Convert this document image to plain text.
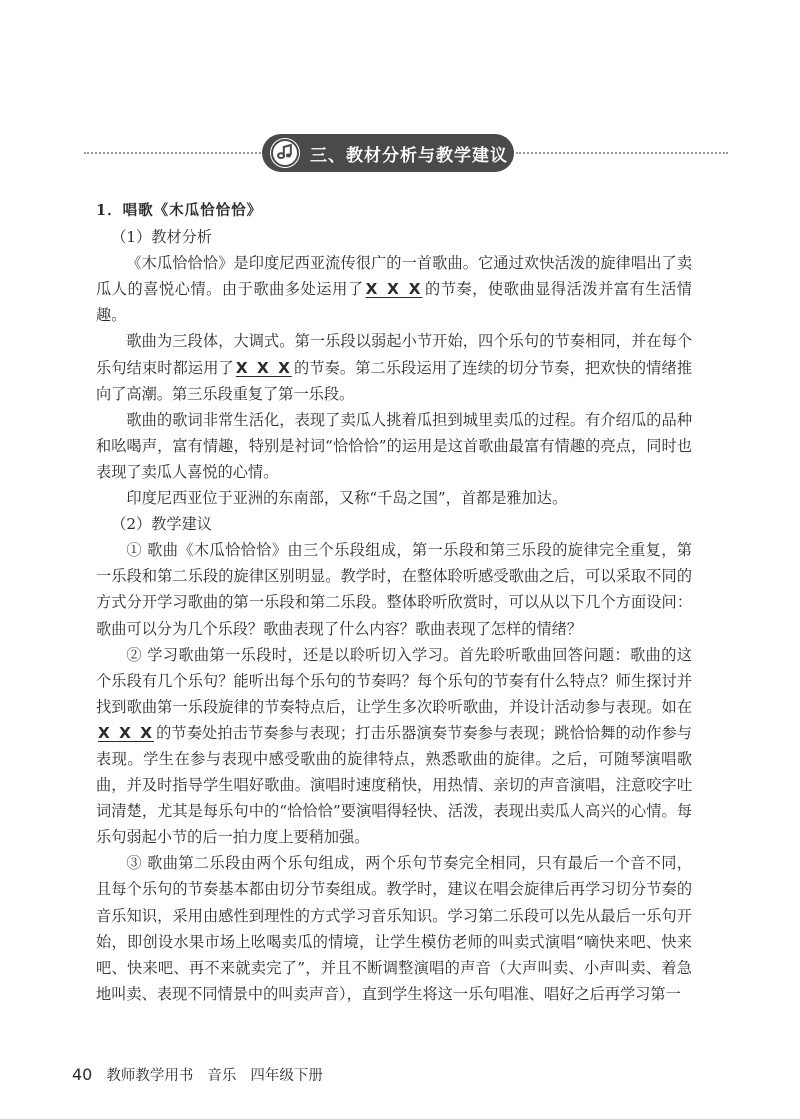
三、教材分析与教学建议

1．唱歌《木瓜恰恰恰》

（1）教材分析

《木瓜恰恰恰》是印度尼西亚流传很广的一首歌曲。它通过欢快活泼的旋律唱出了卖瓜人的喜悦心情。由于歌曲多处运用了 X X X 的节奏，使歌曲显得活泼并富有生活情趣。

歌曲为三段体，大调式。第一乐段以弱起小节开始，四个乐句的节奏相同，并在每个乐句结束时都运用了 X X X 的节奏。第二乐段运用了连续的切分节奏，把欢快的情绪推向了高潮。第三乐段重复了第一乐段。

歌曲的歌词非常生活化，表现了卖瓜人挑着瓜担到城里卖瓜的过程。有介绍瓜的品种和吆喝声，富有情趣，特别是衬词“恰恰恰”的运用是这首歌曲最富有情趣的亮点，同时也表现了卖瓜人喜悦的心情。

印度尼西亚位于亚洲的东南部，又称“千岛之国”，首都是雅加达。

（2）教学建议

① 歌曲《木瓜恰恰恰》由三个乐段组成，第一乐段和第三乐段的旋律完全重复，第一乐段和第二乐段的旋律区别明显。教学时，在整体聆听感受歌曲之后，可以采取不同的方式分开学习歌曲的第一乐段和第二乐段。整体聆听欣赏时，可以从以下几个方面设问：歌曲可以分为几个乐段？歌曲表现了什么内容？歌曲表现了怎样的情绪？

② 学习歌曲第一乐段时，还是以聆听切入学习。首先聆听歌曲回答问题：歌曲的这个乐段有几个乐句？能听出每个乐句的节奏吗？每个乐句的节奏有什么特点？师生探讨并找到歌曲第一乐段旋律的节奏特点后，让学生多次聆听歌曲，并设计活动参与表现。如在X X X 的节奏处拍击节奏参与表现；打击乐器演奏节奏参与表现；跳恰恰舞的动作参与表现。学生在参与表现中感受歌曲的旋律特点，熟悉歌曲的旋律。之后，可随琴演唱歌曲，并及时指导学生唱好歌曲。演唱时速度稍快，用热情、亲切的声音演唱，注意咬字吐词清楚，尤其是每乐句中的“恰恰恰”要演唱得轻快、活泼，表现出卖瓜人高兴的心情。每乐句弱起小节的后一拍力度上要稍加强。

③ 歌曲第二乐段由两个乐句组成，两个乐句节奏完全相同，只有最后一个音不同，且每个乐句的节奏基本都由切分节奏组成。教学时，建议在唱会旋律后再学习切分节奏的音乐知识，采用由感性到理性的方式学习音乐知识。学习第二乐段可以先从最后一乐句开始，即创设水果市场上吆喝卖瓜的情境，让学生模仿老师的叫卖式演唱“嘀快来吧、快来吧、快来吧、再不来就卖完了”，并且不断调整演唱的声音（大声叫卖、小声叫卖、着急地叫卖、表现不同情景中的叫卖声音），直到学生将这一乐句唱准、唱好之后再学习第一

40 教师教学用书 音乐 四年级下册
